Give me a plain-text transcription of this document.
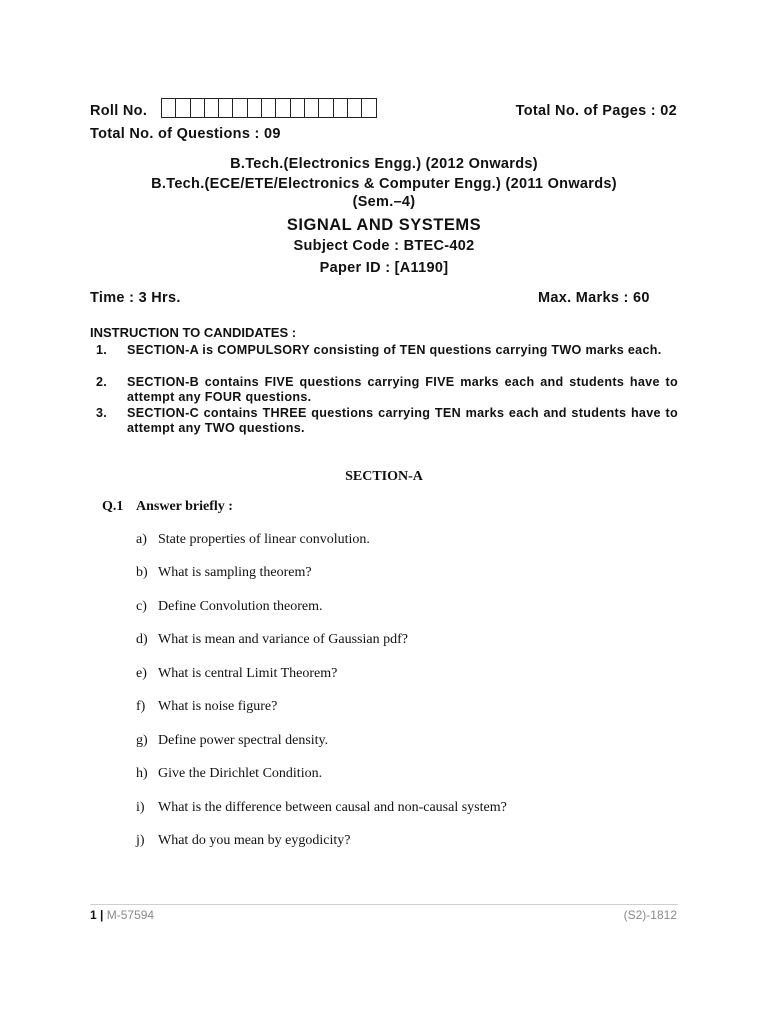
Roll No.	Total No. of Pages : 02
Total No. of Questions : 09
B.Tech.(Electronics Engg.) (2012 Onwards)
B.Tech.(ECE/ETE/Electronics & Computer Engg.) (2011 Onwards)
(Sem.–4)
SIGNAL AND SYSTEMS
Subject Code : BTEC-402
Paper ID : [A1190]
Time : 3 Hrs.	Max. Marks : 60
INSTRUCTION TO CANDIDATES :
1.	SECTION-A is COMPULSORY consisting of TEN questions carrying TWO marks each.
2.	SECTION-B contains FIVE questions carrying FIVE marks each and students have to attempt any FOUR questions.
3.	SECTION-C contains THREE questions carrying TEN marks each and students have to attempt any TWO questions.
SECTION-A
Q.1 Answer briefly :
a) State properties of linear convolution.
b) What is sampling theorem?
c) Define Convolution theorem.
d) What is mean and variance of Gaussian pdf?
e) What is central Limit Theorem?
f) What is noise figure?
g) Define power spectral density.
h) Give the Dirichlet Condition.
i) What is the difference between causal and non-causal system?
j) What do you mean by eygodicity?
1 | M-57594	(S2)-1812
